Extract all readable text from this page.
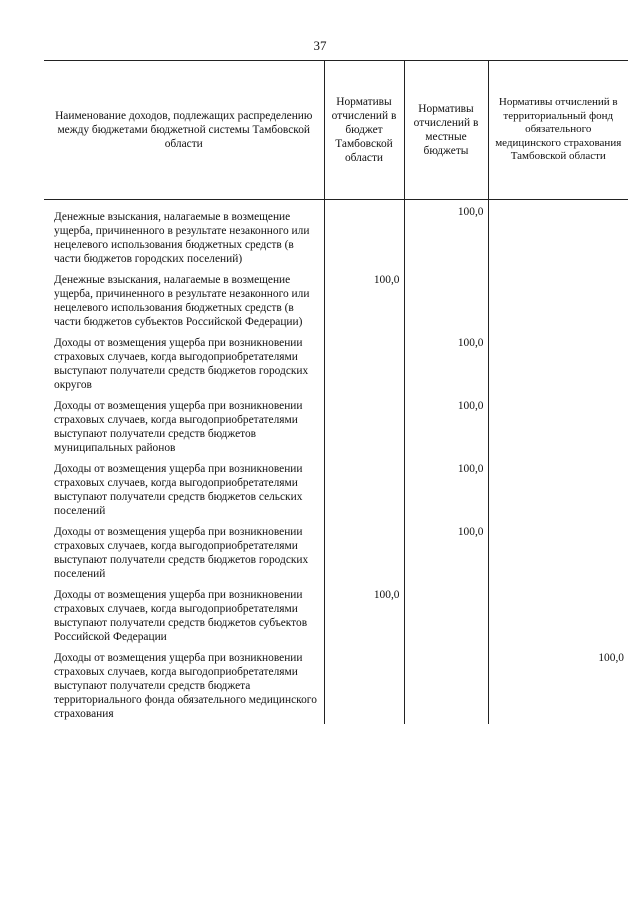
37
Наименование доходов, подлежащих распределению между бюджетами бюджетной системы Тамбовской области	Нормативы отчислений в бюджет Тамбовской области	Нормативы отчислений в местные бюджеты	Нормативы отчислений в территориальный фонд обязательного медицинского страхования Тамбовской области
Денежные взыскания, налагаемые в возмещение ущерба, причиненного в результате незаконного или нецелевого использования бюджетных средств (в части бюджетов городских поселений)		100,0	
Денежные взыскания, налагаемые в возмещение ущерба, причиненного в результате незаконного или нецелевого использования бюджетных средств (в части бюджетов субъектов Российской Федерации)	100,0		
Доходы от возмещения ущерба при возникновении страховых случаев, когда выгодоприобретателями выступают получатели средств бюджетов городских округов		100,0	
Доходы от возмещения ущерба при возникновении страховых случаев, когда выгодоприобретателями выступают получатели средств бюджетов муниципальных районов		100,0	
Доходы от возмещения ущерба при возникновении страховых случаев, когда выгодоприобретателями выступают получатели средств бюджетов сельских поселений		100,0	
Доходы от возмещения ущерба при возникновении страховых случаев, когда выгодоприобретателями выступают получатели средств бюджетов городских поселений		100,0	
Доходы от возмещения ущерба при возникновении страховых случаев, когда выгодоприобретателями выступают получатели средств бюджетов субъектов Российской Федерации	100,0		
Доходы от возмещения ущерба при возникновении страховых случаев, когда выгодоприобретателями выступают получатели средств бюджета территориального фонда обязательного медицинского страхования			100,0
